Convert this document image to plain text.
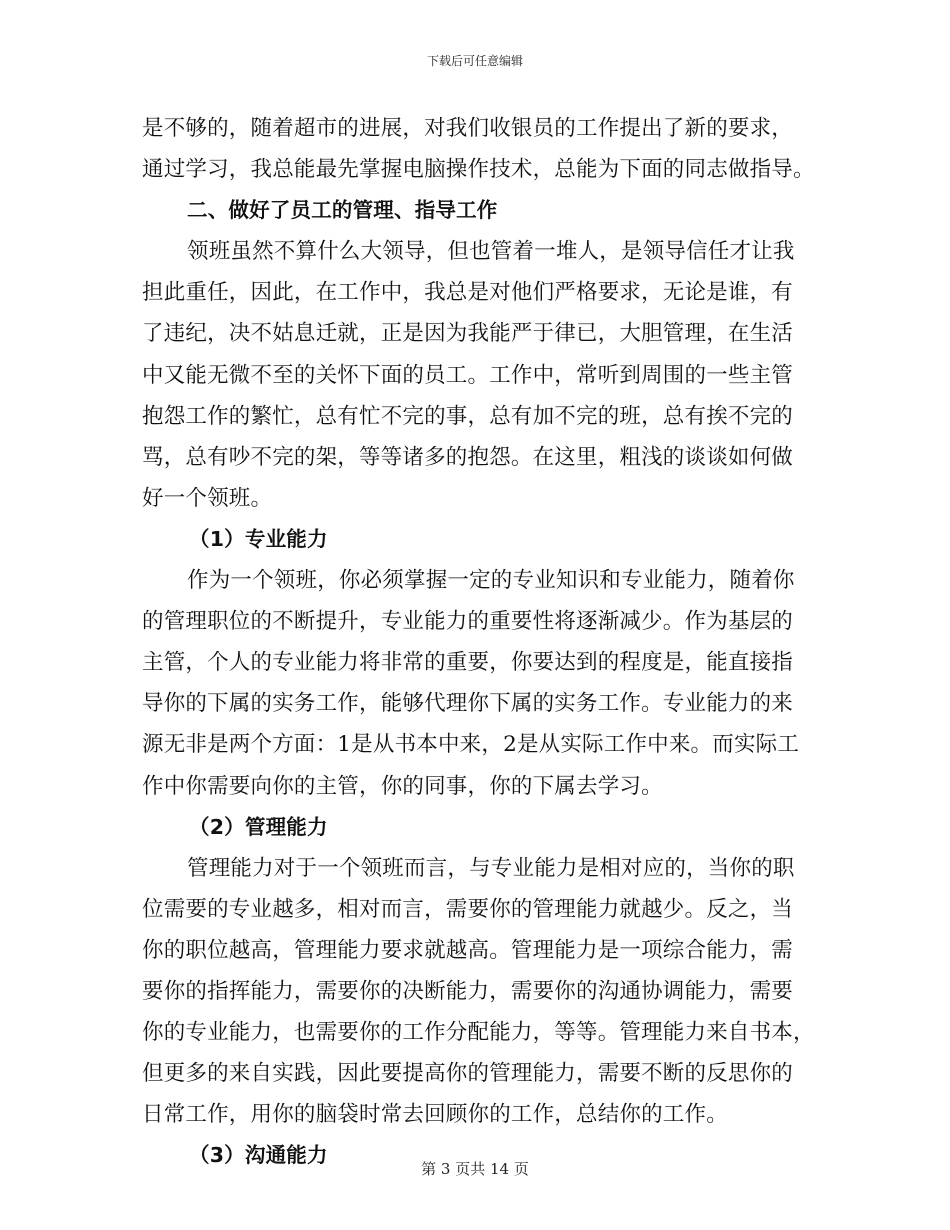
下载后可任意编辑
是不够的，随着超市的进展，对我们收银员的工作提出了新的要求，
通过学习，我总能最先掌握电脑操作技术，总能为下面的同志做指导。
二、做好了员工的管理、指导工作
领班虽然不算什么大领导，但也管着一堆人，是领导信任才让我
担此重任，因此，在工作中，我总是对他们严格要求，无论是谁，有
了违纪，决不姑息迁就，正是因为我能严于律已，大胆管理，在生活
中又能无微不至的关怀下面的员工。工作中，常听到周围的一些主管
抱怨工作的繁忙，总有忙不完的事，总有加不完的班，总有挨不完的
骂，总有吵不完的架，等等诸多的抱怨。在这里，粗浅的谈谈如何做
好一个领班。
（1）专业能力
作为一个领班，你必须掌握一定的专业知识和专业能力，随着你
的管理职位的不断提升，专业能力的重要性将逐渐减少。作为基层的
主管，个人的专业能力将非常的重要，你要达到的程度是，能直接指
导你的下属的实务工作，能够代理你下属的实务工作。专业能力的来
源无非是两个方面：1是从书本中来，2是从实际工作中来。而实际工
作中你需要向你的主管，你的同事，你的下属去学习。
（2）管理能力
管理能力对于一个领班而言，与专业能力是相对应的，当你的职
位需要的专业越多，相对而言，需要你的管理能力就越少。反之，当
你的职位越高，管理能力要求就越高。管理能力是一项综合能力，需
要你的指挥能力，需要你的决断能力，需要你的沟通协调能力，需要
你的专业能力，也需要你的工作分配能力，等等。管理能力来自书本，
但更多的来自实践，因此要提高你的管理能力，需要不断的反思你的
日常工作，用你的脑袋时常去回顾你的工作，总结你的工作。
（3）沟通能力
第 3 页共 14 页
